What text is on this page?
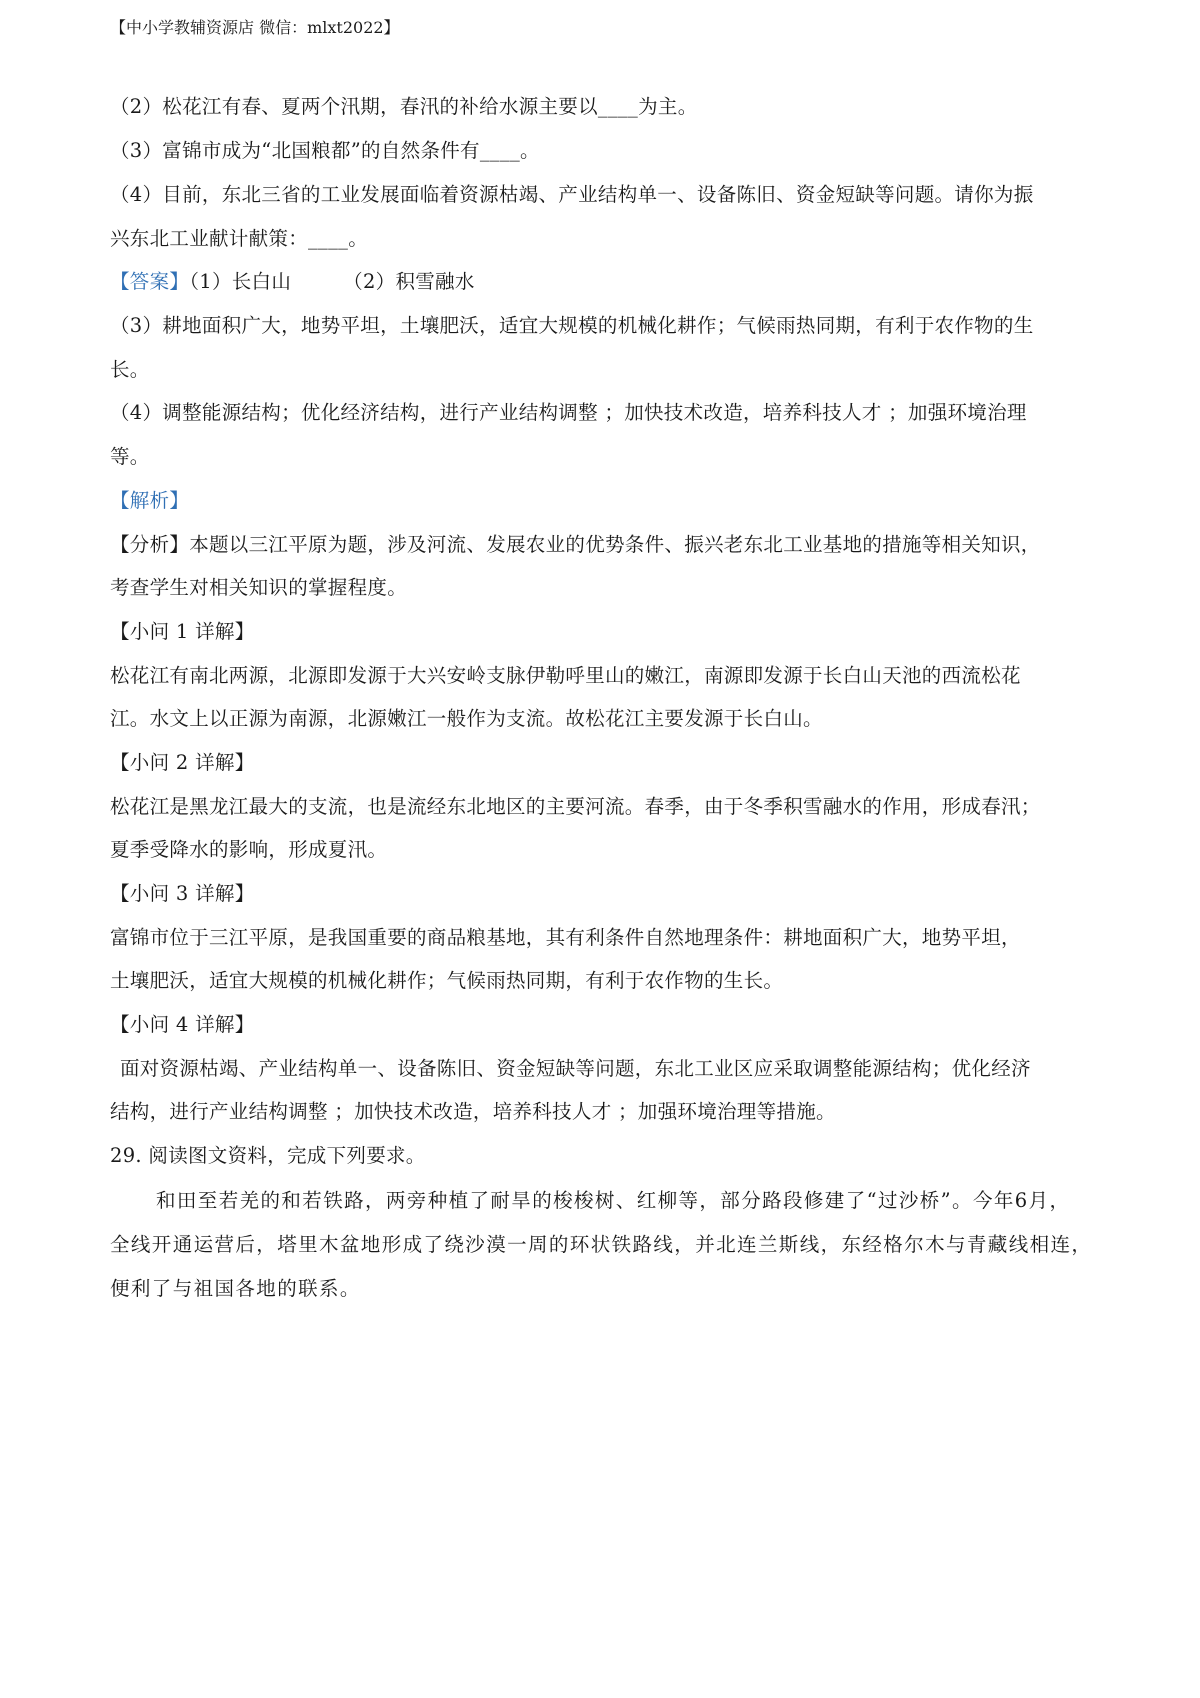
【中小学教辅资源店 微信：mlxt2022】
（2）松花江有春、夏两个汛期，春汛的补给水源主要以____为主。
（3）富锦市成为“北国粮都”的自然条件有____。
（4）目前，东北三省的工业发展面临着资源枯竭、产业结构单一、设备陈旧、资金短缺等问题。请你为振
兴东北工业献计献策：____。
【答案】（1）长白山        （2）积雪融水
（3）耕地面积广大，地势平坦，土壤肥沃，适宜大规模的机械化耕作；气候雨热同期，有利于农作物的生
长。
（4）调整能源结构；优化经济结构，进行产业结构调整 ；加快技术改造，培养科技人才 ；加强环境治理
等。
【解析】
【分析】本题以三江平原为题，涉及河流、发展农业的优势条件、振兴老东北工业基地的措施等相关知识，
考查学生对相关知识的掌握程度。
【小问 1 详解】
松花江有南北两源，北源即发源于大兴安岭支脉伊勒呼里山的嫩江，南源即发源于长白山天池的西流松花
江。水文上以正源为南源，北源嫩江一般作为支流。故松花江主要发源于长白山。
【小问 2 详解】
松花江是黑龙江最大的支流，也是流经东北地区的主要河流。春季，由于冬季积雪融水的作用，形成春汛；
夏季受降水的影响，形成夏汛。
【小问 3 详解】
富锦市位于三江平原，是我国重要的商品粮基地，其有利条件自然地理条件：耕地面积广大，地势平坦，
土壤肥沃，适宜大规模的机械化耕作；气候雨热同期，有利于农作物的生长。
【小问 4 详解】
面对资源枯竭、产业结构单一、设备陈旧、资金短缺等问题，东北工业区应采取调整能源结构；优化经济
结构，进行产业结构调整 ；加快技术改造，培养科技人才 ；加强环境治理等措施。
29. 阅读图文资料，完成下列要求。
和田至若羌的和若铁路，两旁种植了耐旱的梭梭树、红柳等，部分路段修建了“过沙桥”。今年6月，
全线开通运营后，塔里木盆地形成了绕沙漠一周的环状铁路线，并北连兰斯线，东经格尔木与青藏线相连，
便利了与祖国各地的联系。
